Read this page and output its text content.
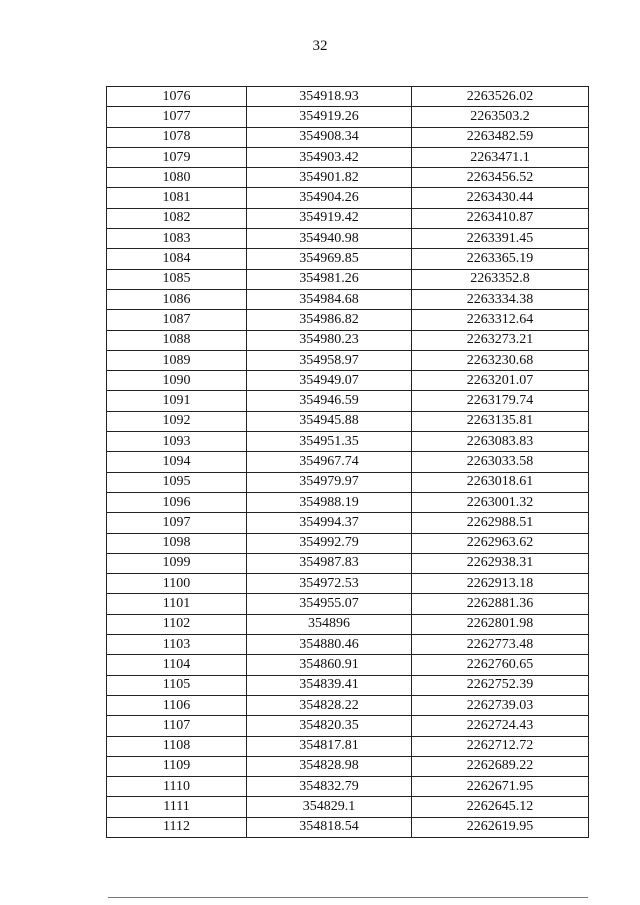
32
1076	354918.93	2263526.02
1077	354919.26	2263503.2
1078	354908.34	2263482.59
1079	354903.42	2263471.1
1080	354901.82	2263456.52
1081	354904.26	2263430.44
1082	354919.42	2263410.87
1083	354940.98	2263391.45
1084	354969.85	2263365.19
1085	354981.26	2263352.8
1086	354984.68	2263334.38
1087	354986.82	2263312.64
1088	354980.23	2263273.21
1089	354958.97	2263230.68
1090	354949.07	2263201.07
1091	354946.59	2263179.74
1092	354945.88	2263135.81
1093	354951.35	2263083.83
1094	354967.74	2263033.58
1095	354979.97	2263018.61
1096	354988.19	2263001.32
1097	354994.37	2262988.51
1098	354992.79	2262963.62
1099	354987.83	2262938.31
1100	354972.53	2262913.18
1101	354955.07	2262881.36
1102	354896	2262801.98
1103	354880.46	2262773.48
1104	354860.91	2262760.65
1105	354839.41	2262752.39
1106	354828.22	2262739.03
1107	354820.35	2262724.43
1108	354817.81	2262712.72
1109	354828.98	2262689.22
1110	354832.79	2262671.95
1111	354829.1	2262645.12
1112	354818.54	2262619.95
